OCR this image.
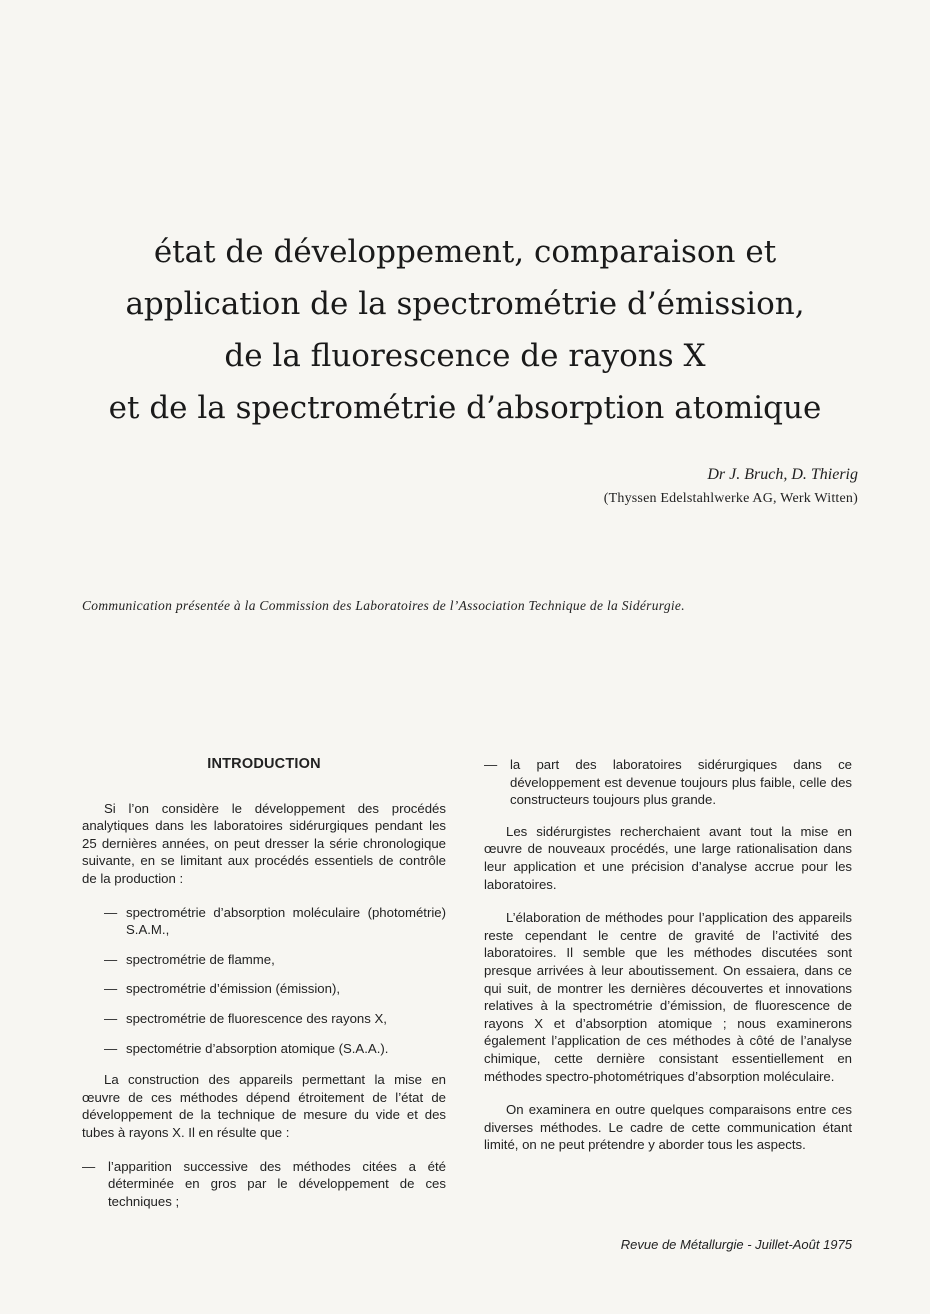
état de développement, comparaison et
application de la spectrométrie d’émission,
de la fluorescence de rayons X
et de la spectrométrie d’absorption atomique
Dr J. Bruch, D. Thierig
(Thyssen Edelstahlwerke AG, Werk Witten)
Communication présentée à la Commission des Laboratoires de l’Association Technique de la Sidérurgie.
INTRODUCTION

Si l’on considère le développement des procédés analytiques dans les laboratoires sidérurgiques pendant les 25 dernières années, on peut dresser la série chronologique suivante, en se limitant aux procédés essentiels de contrôle de la production :

— spectrométrie d’absorption moléculaire (photométrie) S.A.M.,
— spectrométrie de flamme,
— spectrométrie d’émission (émission),
— spectrométrie de fluorescence des rayons X,
— spectométrie d’absorption atomique (S.A.A.).

La construction des appareils permettant la mise en œuvre de ces méthodes dépend étroitement de l’état de développement de la technique de mesure du vide et des tubes à rayons X. Il en résulte que :

— l’apparition successive des méthodes citées a été déterminée en gros par le développement de ces techniques ;
— la part des laboratoires sidérurgiques dans ce développement est devenue toujours plus faible, celle des constructeurs toujours plus grande.

Les sidérurgistes recherchaient avant tout la mise en œuvre de nouveaux procédés, une large rationalisation dans leur application et une précision d’analyse accrue pour les laboratoires.

L’élaboration de méthodes pour l’application des appareils reste cependant le centre de gravité de l’activité des laboratoires. Il semble que les méthodes discutées sont presque arrivées à leur aboutissement. On essaiera, dans ce qui suit, de montrer les dernières découvertes et innovations relatives à la spectrométrie d’émission, de fluorescence de rayons X et d’absorption atomique ; nous examinerons également l’application de ces méthodes à côté de l’analyse chimique, cette dernière consistant essentiellement en méthodes spectro-photométriques d’absorption moléculaire.

On examinera en outre quelques comparaisons entre ces diverses méthodes. Le cadre de cette communication étant limité, on ne peut prétendre y aborder tous les aspects.

Revue de Métallurgie - Juillet-Août 1975
